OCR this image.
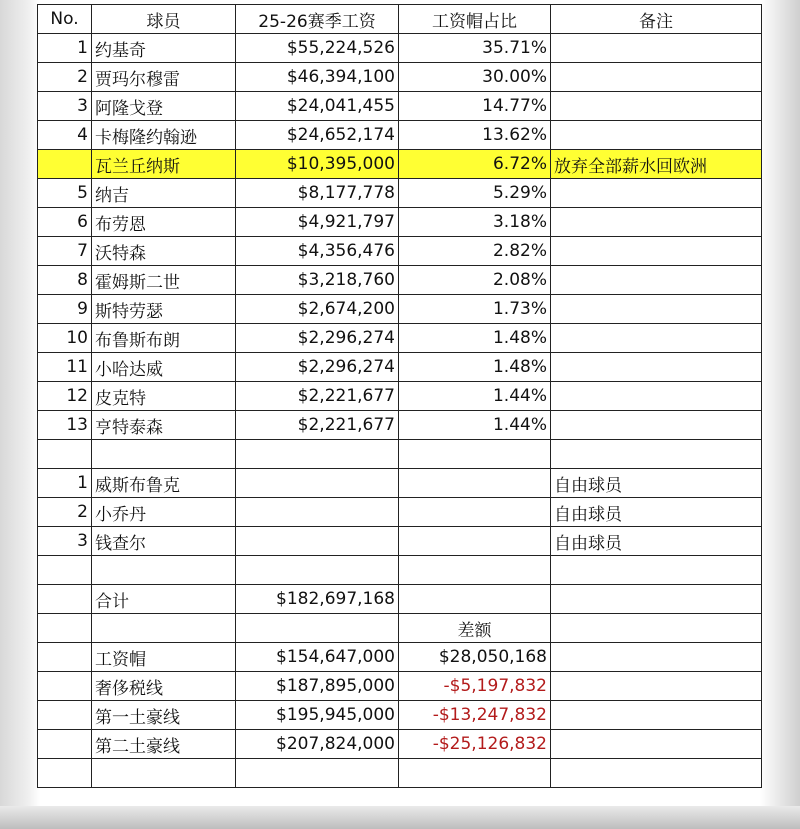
No.	球员	25-26赛季工资	工资帽占比	备注
1	约基奇	$55,224,526	35.71%	
2	贾玛尔穆雷	$46,394,100	30.00%	
3	阿隆戈登	$24,041,455	14.77%	
4	卡梅隆约翰逊	$24,652,174	13.62%	
	瓦兰丘纳斯	$10,395,000	6.72%	放弃全部薪水回欧洲
5	纳吉	$8,177,778	5.29%	
6	布劳恩	$4,921,797	3.18%	
7	沃特森	$4,356,476	2.82%	
8	霍姆斯二世	$3,218,760	2.08%	
9	斯特劳瑟	$2,674,200	1.73%	
10	布鲁斯布朗	$2,296,274	1.48%	
11	小哈达威	$2,296,274	1.48%	
12	皮克特	$2,221,677	1.44%	
13	亨特泰森	$2,221,677	1.44%	

1	威斯布鲁克			自由球员
2	小乔丹			自由球员
3	钱查尔			自由球员

	合计	$182,697,168		
			差额	
	工资帽	$154,647,000	$28,050,168	
	奢侈税线	$187,895,000	-$5,197,832	
	第一土豪线	$195,945,000	-$13,247,832	
	第二土豪线	$207,824,000	-$25,126,832	
